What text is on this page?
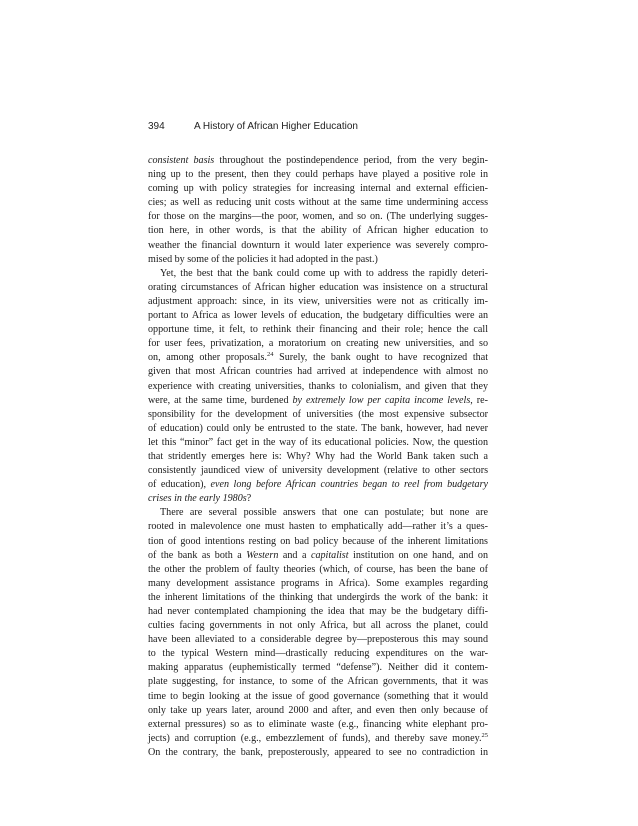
394	A History of African Higher Education
consistent basis throughout the postindependence period, from the very begin-
ning up to the present, then they could perhaps have played a positive role in
coming up with policy strategies for increasing internal and external efficien-
cies; as well as reducing unit costs without at the same time undermining access
for those on the margins—the poor, women, and so on. (The underlying sugges-
tion here, in other words, is that the ability of African higher education to
weather the financial downturn it would later experience was severely compro-
mised by some of the policies it had adopted in the past.)
Yet, the best that the bank could come up with to address the rapidly deteri-
orating circumstances of African higher education was insistence on a structural
adjustment approach: since, in its view, universities were not as critically im-
portant to Africa as lower levels of education, the budgetary difficulties were an
opportune time, it felt, to rethink their financing and their role; hence the call
for user fees, privatization, a moratorium on creating new universities, and so
on, among other proposals.$^{24}$ Surely, the bank ought to have recognized that
given that most African countries had arrived at independence with almost no
experience with creating universities, thanks to colonialism, and given that they
were, at the same time, burdened by extremely low per capita income levels, re-
sponsibility for the development of universities (the most expensive subsector
of education) could only be entrusted to the state. The bank, however, had never
let this “minor” fact get in the way of its educational policies. Now, the question
that stridently emerges here is: Why? Why had the World Bank taken such a
consistently jaundiced view of university development (relative to other sectors
of education), even long before African countries began to reel from budgetary
crises in the early 1980s?
There are several possible answers that one can postulate; but none are
rooted in malevolence one must hasten to emphatically add—rather it’s a ques-
tion of good intentions resting on bad policy because of the inherent limitations
of the bank as both a Western and a capitalist institution on one hand, and on
the other the problem of faulty theories (which, of course, has been the bane of
many development assistance programs in Africa). Some examples regarding
the inherent limitations of the thinking that undergirds the work of the bank: it
had never contemplated championing the idea that may be the budgetary diffi-
culties facing governments in not only Africa, but all across the planet, could
have been alleviated to a considerable degree by—preposterous this may sound
to the typical Western mind—drastically reducing expenditures on the war-
making apparatus (euphemistically termed “defense”). Neither did it contem-
plate suggesting, for instance, to some of the African governments, that it was
time to begin looking at the issue of good governance (something that it would
only take up years later, around 2000 and after, and even then only because of
external pressures) so as to eliminate waste (e.g., financing white elephant pro-
jects) and corruption (e.g., embezzlement of funds), and thereby save money.$^{25}$
On the contrary, the bank, preposterously, appeared to see no contradiction in
